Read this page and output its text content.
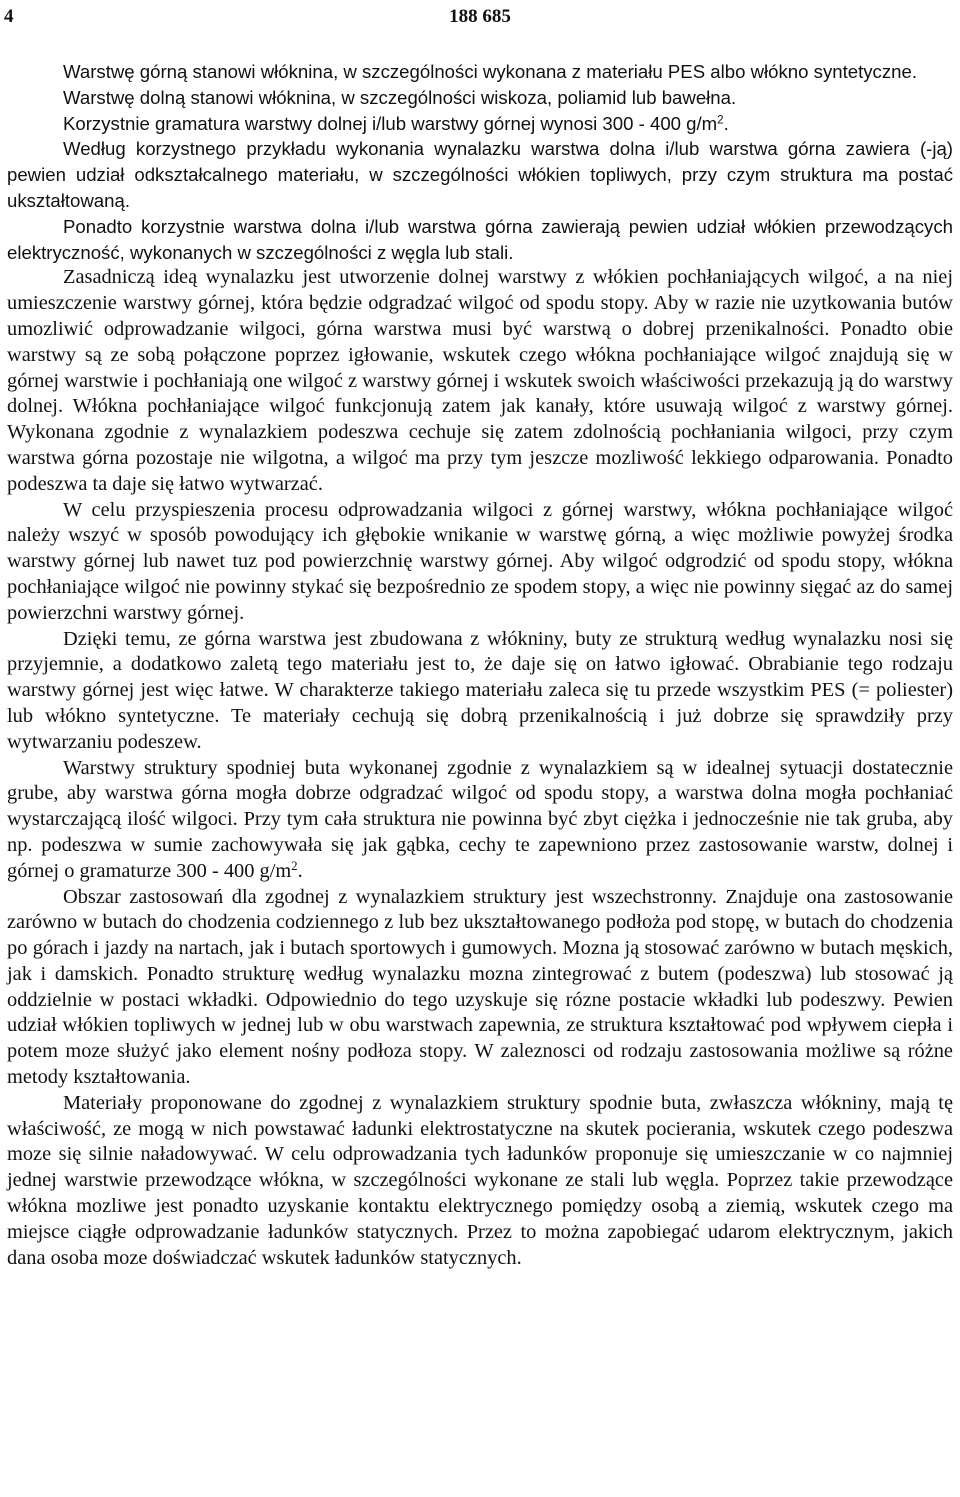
4	188 685

Warstwę górną stanowi włóknina, w szczególności wykonana z materiału PES albo włókno syntetyczne.

Warstwę dolną stanowi włóknina, w szczególności wiskoza, poliamid lub bawełna.

Korzystnie gramatura warstwy dolnej i/lub warstwy górnej wynosi 300 - 400 $g/m^2$.

Według korzystnego przykładu wykonania wynalazku warstwa dolna i/lub warstwa górna zawiera (-ją) pewien udział odkształcalnego materiału, w szczególności włókien topliwych, przy czym struktura ma postać ukształtowaną.

Ponadto korzystnie warstwa dolna i/lub warstwa górna zawierają pewien udział włókien przewodzących elektryczność, wykonanych w szczególności z węgla lub stali.

Zasadniczą ideą wynalazku jest utworzenie dolnej warstwy z włókien pochłaniających wilgoć, a na niej umieszczenie warstwy górnej, która będzie odgradzać wilgoć od spodu stopy. Aby w razie nie uzytkowania butów umozliwić odprowadzanie wilgoci, górna warstwa musi być warstwą o dobrej przenikalności. Ponadto obie warstwy są ze sobą połączone poprzez igłowanie, wskutek czego włókna pochłaniające wilgoć znajdują się w górnej warstwie i pochłaniają one wilgoć z warstwy górnej i wskutek swoich właściwości przekazują ją do warstwy dolnej. Włókna pochłaniające wilgoć funkcjonują zatem jak kanały, które usuwają wilgoć z warstwy górnej. Wykonana zgodnie z wynalazkiem podeszwa cechuje się zatem zdolnością pochłaniania wilgoci, przy czym warstwa górna pozostaje nie wilgotna, a wilgoć ma przy tym jeszcze mozliwość lekkiego odparowania. Ponadto podeszwa ta daje się łatwo wytwarzać.

W celu przyspieszenia procesu odprowadzania wilgoci z górnej warstwy, włókna pochłaniające wilgoć należy wszyć w sposób powodujący ich głębokie wnikanie w warstwę górną, a więc możliwie powyżej środka warstwy górnej lub nawet tuz pod powierzchnię warstwy górnej. Aby wilgoć odgrodzić od spodu stopy, włókna pochłaniające wilgoć nie powinny stykać się bezpośrednio ze spodem stopy, a więc nie powinny sięgać az do samej powierzchni warstwy górnej.

Dzięki temu, ze górna warstwa jest zbudowana z włókniny, buty ze strukturą według wynalazku nosi się przyjemnie, a dodatkowo zaletą tego materiału jest to, że daje się on łatwo igłować. Obrabianie tego rodzaju warstwy górnej jest więc łatwe. W charakterze takiego materiału zaleca się tu przede wszystkim PES (= poliester) lub włókno syntetyczne. Te materiały cechują się dobrą przenikalnością i już dobrze się sprawdziły przy wytwarzaniu podeszew.

Warstwy struktury spodniej buta wykonanej zgodnie z wynalazkiem są w idealnej sytuacji dostatecznie grube, aby warstwa górna mogła dobrze odgradzać wilgoć od spodu stopy, a warstwa dolna mogła pochłaniać wystarczającą ilość wilgoci. Przy tym cała struktura nie powinna być zbyt ciężka i jednocześnie nie tak gruba, aby np. podeszwa w sumie zachowywała się jak gąbka, cechy te zapewniono przez zastosowanie warstw, dolnej i górnej o gramaturze 300 - 400 $g/m^2$.

Obszar zastosowań dla zgodnej z wynalazkiem struktury jest wszechstronny. Znajduje ona zastosowanie zarówno w butach do chodzenia codziennego z lub bez ukształtowanego podłoża pod stopę, w butach do chodzenia po górach i jazdy na nartach, jak i butach sportowych i gumowych. Mozna ją stosować zarówno w butach męskich, jak i damskich. Ponadto strukturę według wynalazku mozna zintegrować z butem (podeszwa) lub stosować ją oddzielnie w postaci wkładki. Odpowiednio do tego uzyskuje się rózne postacie wkładki lub podeszwy. Pewien udział włókien topliwych w jednej lub w obu warstwach zapewnia, ze struktura kształtować pod wpływem ciepła i potem moze służyć jako element nośny podłoza stopy. W zaleznosci od rodzaju zastosowania możliwe są różne metody kształtowania.

Materiały proponowane do zgodnej z wynalazkiem struktury spodnie buta, zwłaszcza włókniny, mają tę właściwość, ze mogą w nich powstawać ładunki elektrostatyczne na skutek pocierania, wskutek czego podeszwa moze się silnie naładowywać. W celu odprowadzania tych ładunków proponuje się umieszczanie w co najmniej jednej warstwie przewodzące włókna, w szczególności wykonane ze stali lub węgla. Poprzez takie przewodzące włókna mozliwe jest ponadto uzyskanie kontaktu elektrycznego pomiędzy osobą a ziemią, wskutek czego ma miejsce ciągłe odprowadzanie ładunków statycznych. Przez to można zapobiegać udarom elektrycznym, jakich dana osoba moze doświadczać wskutek ładunków statycznych.
